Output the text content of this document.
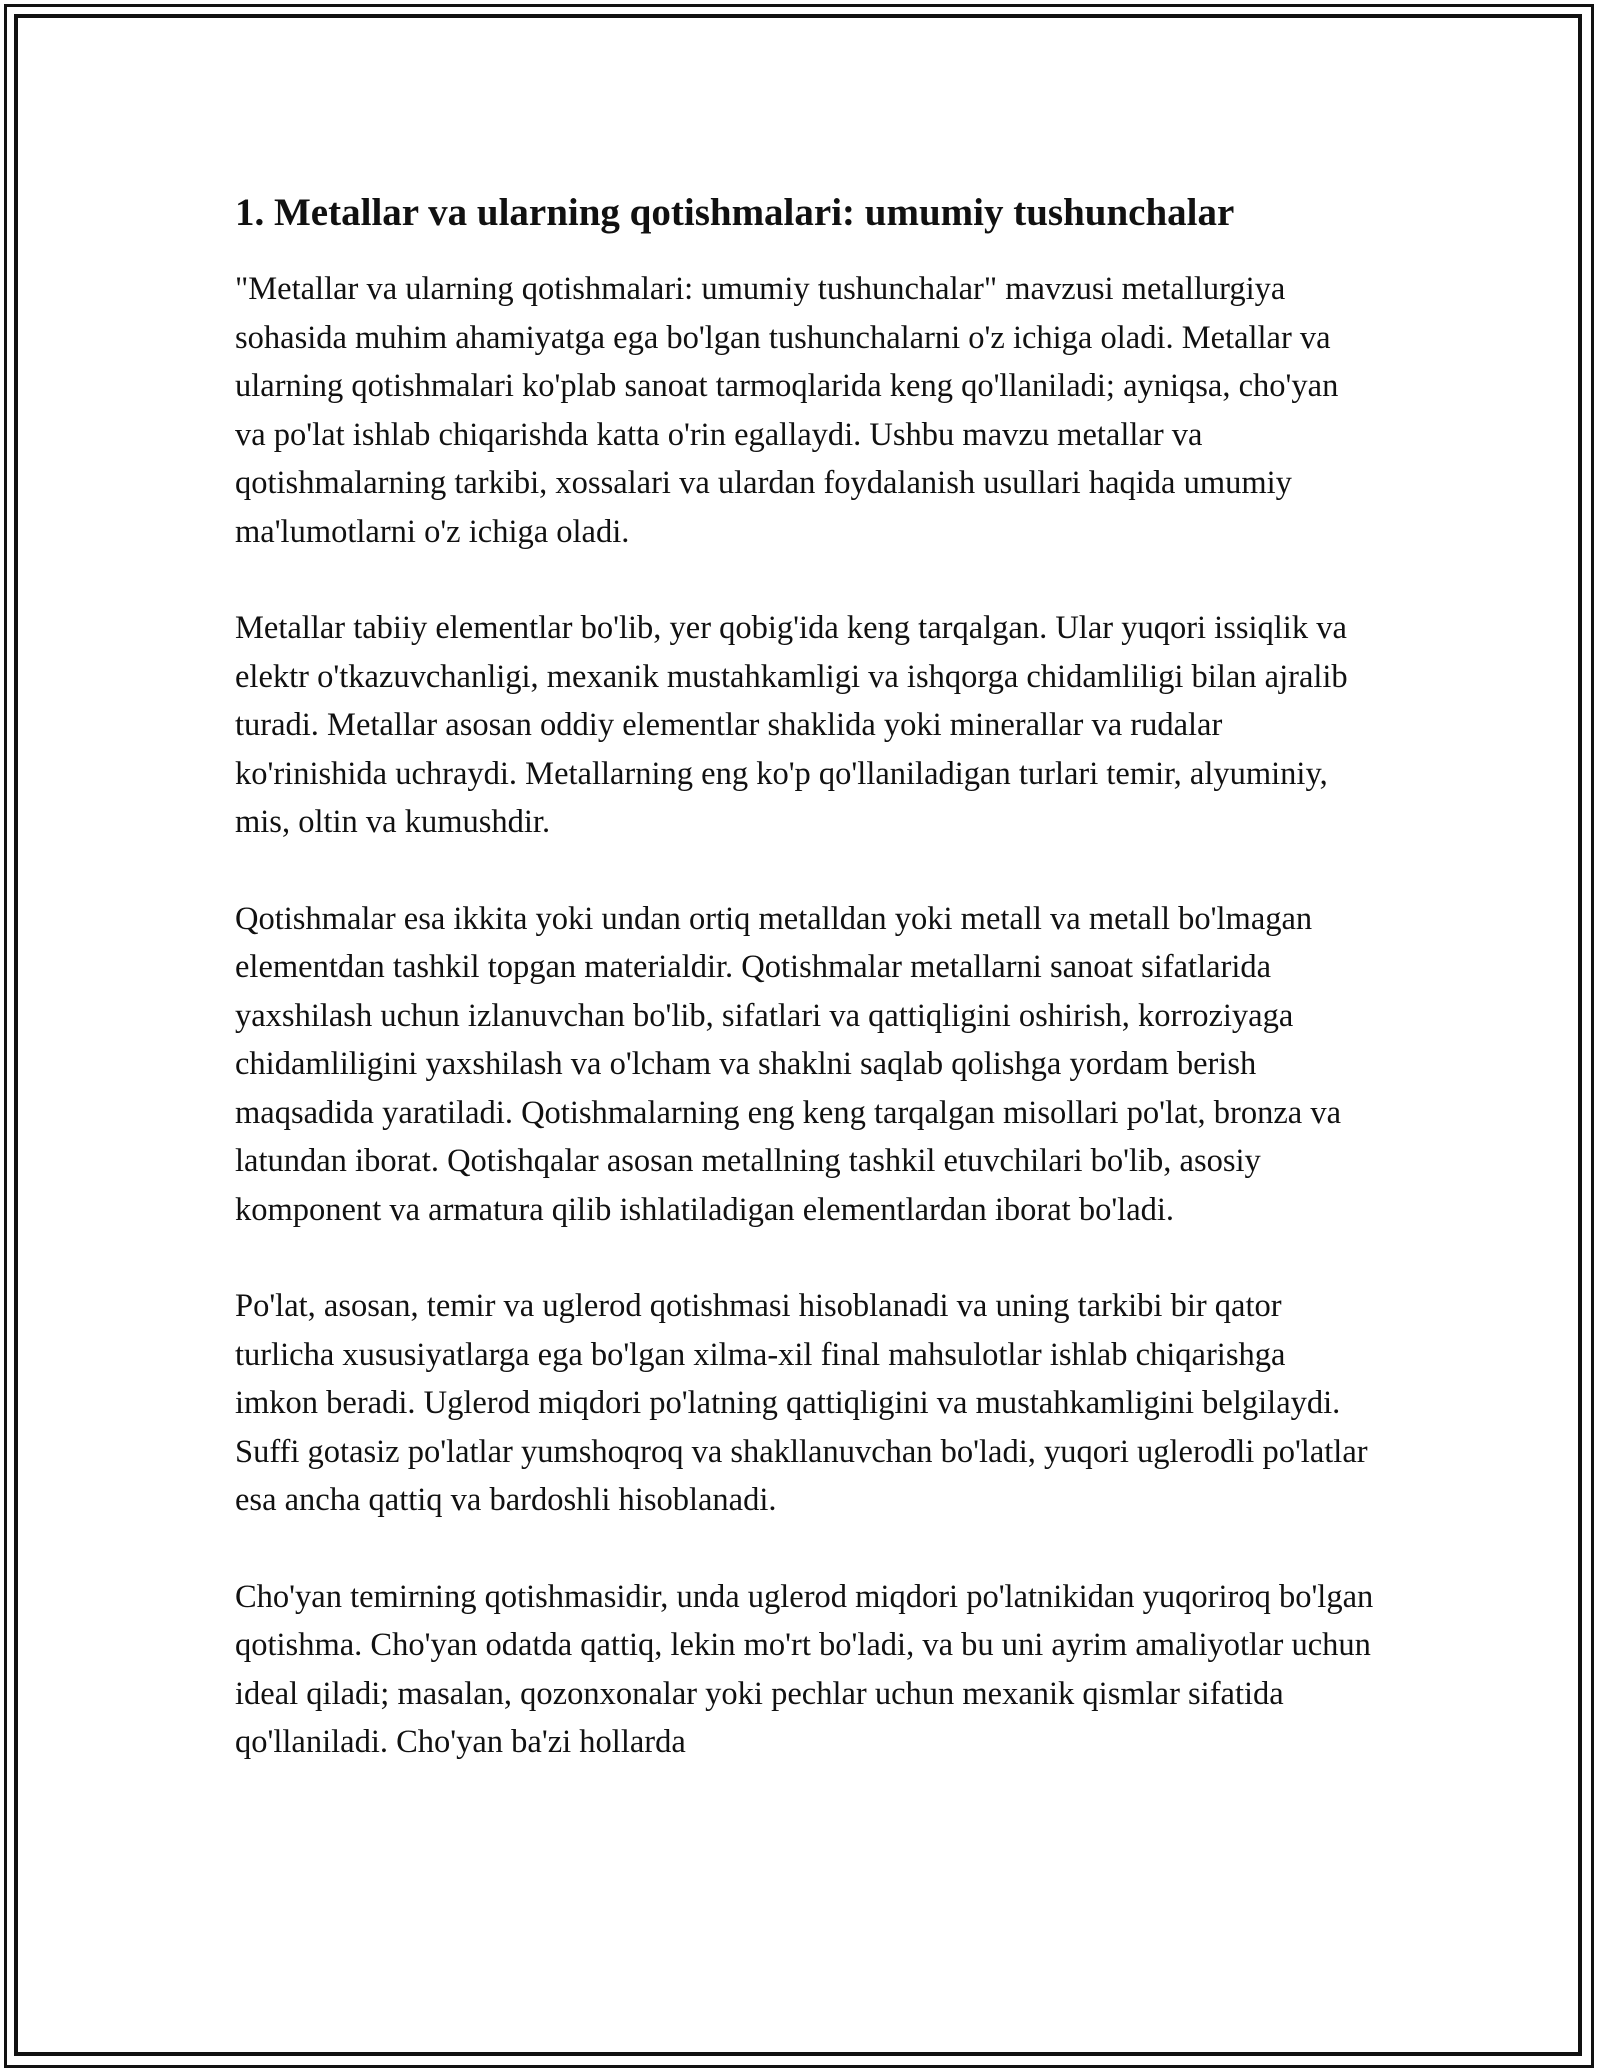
1. Metallar va ularning qotishmalari: umumiy tushunchalar

"Metallar va ularning qotishmalari: umumiy tushunchalar" mavzusi metallurgiya sohasida muhim ahamiyatga ega bo'lgan tushunchalarni o'z ichiga oladi. Metallar va ularning qotishmalari ko'plab sanoat tarmoqlarida keng qo'llaniladi; ayniqsa, cho'yan va po'lat ishlab chiqarishda katta o'rin egallaydi. Ushbu mavzu metallar va qotishmalarning tarkibi, xossalari va ulardan foydalanish usullari haqida umumiy ma'lumotlarni o'z ichiga oladi.

Metallar tabiiy elementlar bo'lib, yer qobig'ida keng tarqalgan. Ular yuqori issiqlik va elektr o'tkazuvchanligi, mexanik mustahkamligi va ishqorga chidamliligi bilan ajralib turadi. Metallar asosan oddiy elementlar shaklida yoki minerallar va rudalar ko'rinishida uchraydi. Metallarning eng ko'p qo'llaniladigan turlari temir, alyuminiy, mis, oltin va kumushdir.

Qotishmalar esa ikkita yoki undan ortiq metalldan yoki metall va metall bo'lmagan elementdan tashkil topgan materialdir. Qotishmalar metallarni sanoat sifatlarida yaxshilash uchun izlanuvchan bo'lib, sifatlari va qattiqligini oshirish, korroziyaga chidamliligini yaxshilash va o'lcham va shaklni saqlab qolishga yordam berish maqsadida yaratiladi. Qotishmalarning eng keng tarqalgan misollari po'lat, bronza va latundan iborat. Qotishqalar asosan metallning tashkil etuvchilari bo'lib, asosiy komponent va armatura qilib ishlatiladigan elementlardan iborat bo'ladi.

Po'lat, asosan, temir va uglerod qotishmasi hisoblanadi va uning tarkibi bir qator turlicha xususiyatlarga ega bo'lgan xilma-xil final mahsulotlar ishlab chiqarishga imkon beradi. Uglerod miqdori po'latning qattiqligini va mustahkamligini belgilaydi. Suffi gotasiz po'latlar yumshoqroq va shakllanuvchan bo'ladi, yuqori uglerodli po'latlar esa ancha qattiq va bardoshli hisoblanadi.

Cho'yan temirning qotishmasidir, unda uglerod miqdori po'latnikidan yuqoriroq bo'lgan qotishma. Cho'yan odatda qattiq, lekin mo'rt bo'ladi, va bu uni ayrim amaliyotlar uchun ideal qiladi; masalan, qozonxonalar yoki pechlar uchun mexanik qismlar sifatida qo'llaniladi. Cho'yan ba'zi hollarda
